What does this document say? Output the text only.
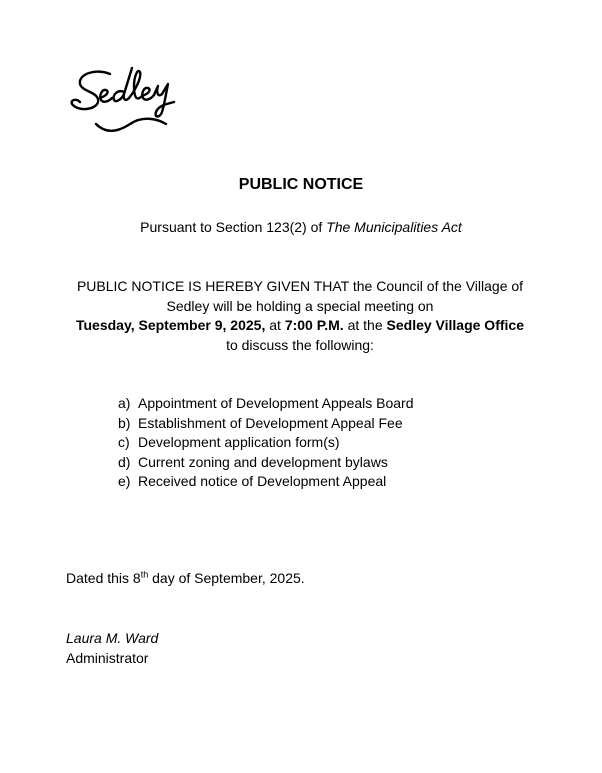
PUBLIC NOTICE
Pursuant to Section 123(2) of The Municipalities Act
PUBLIC NOTICE IS HEREBY GIVEN THAT the Council of the Village of
Sedley will be holding a special meeting on
Tuesday, September 9, 2025, at 7:00 P.M. at the Sedley Village Office
to discuss the following:
a) Appointment of Development Appeals Board
b) Establishment of Development Appeal Fee
c) Development application form(s)
d) Current zoning and development bylaws
e) Received notice of Development Appeal
Dated this 8th day of September, 2025.
Laura M. Ward
Administrator
